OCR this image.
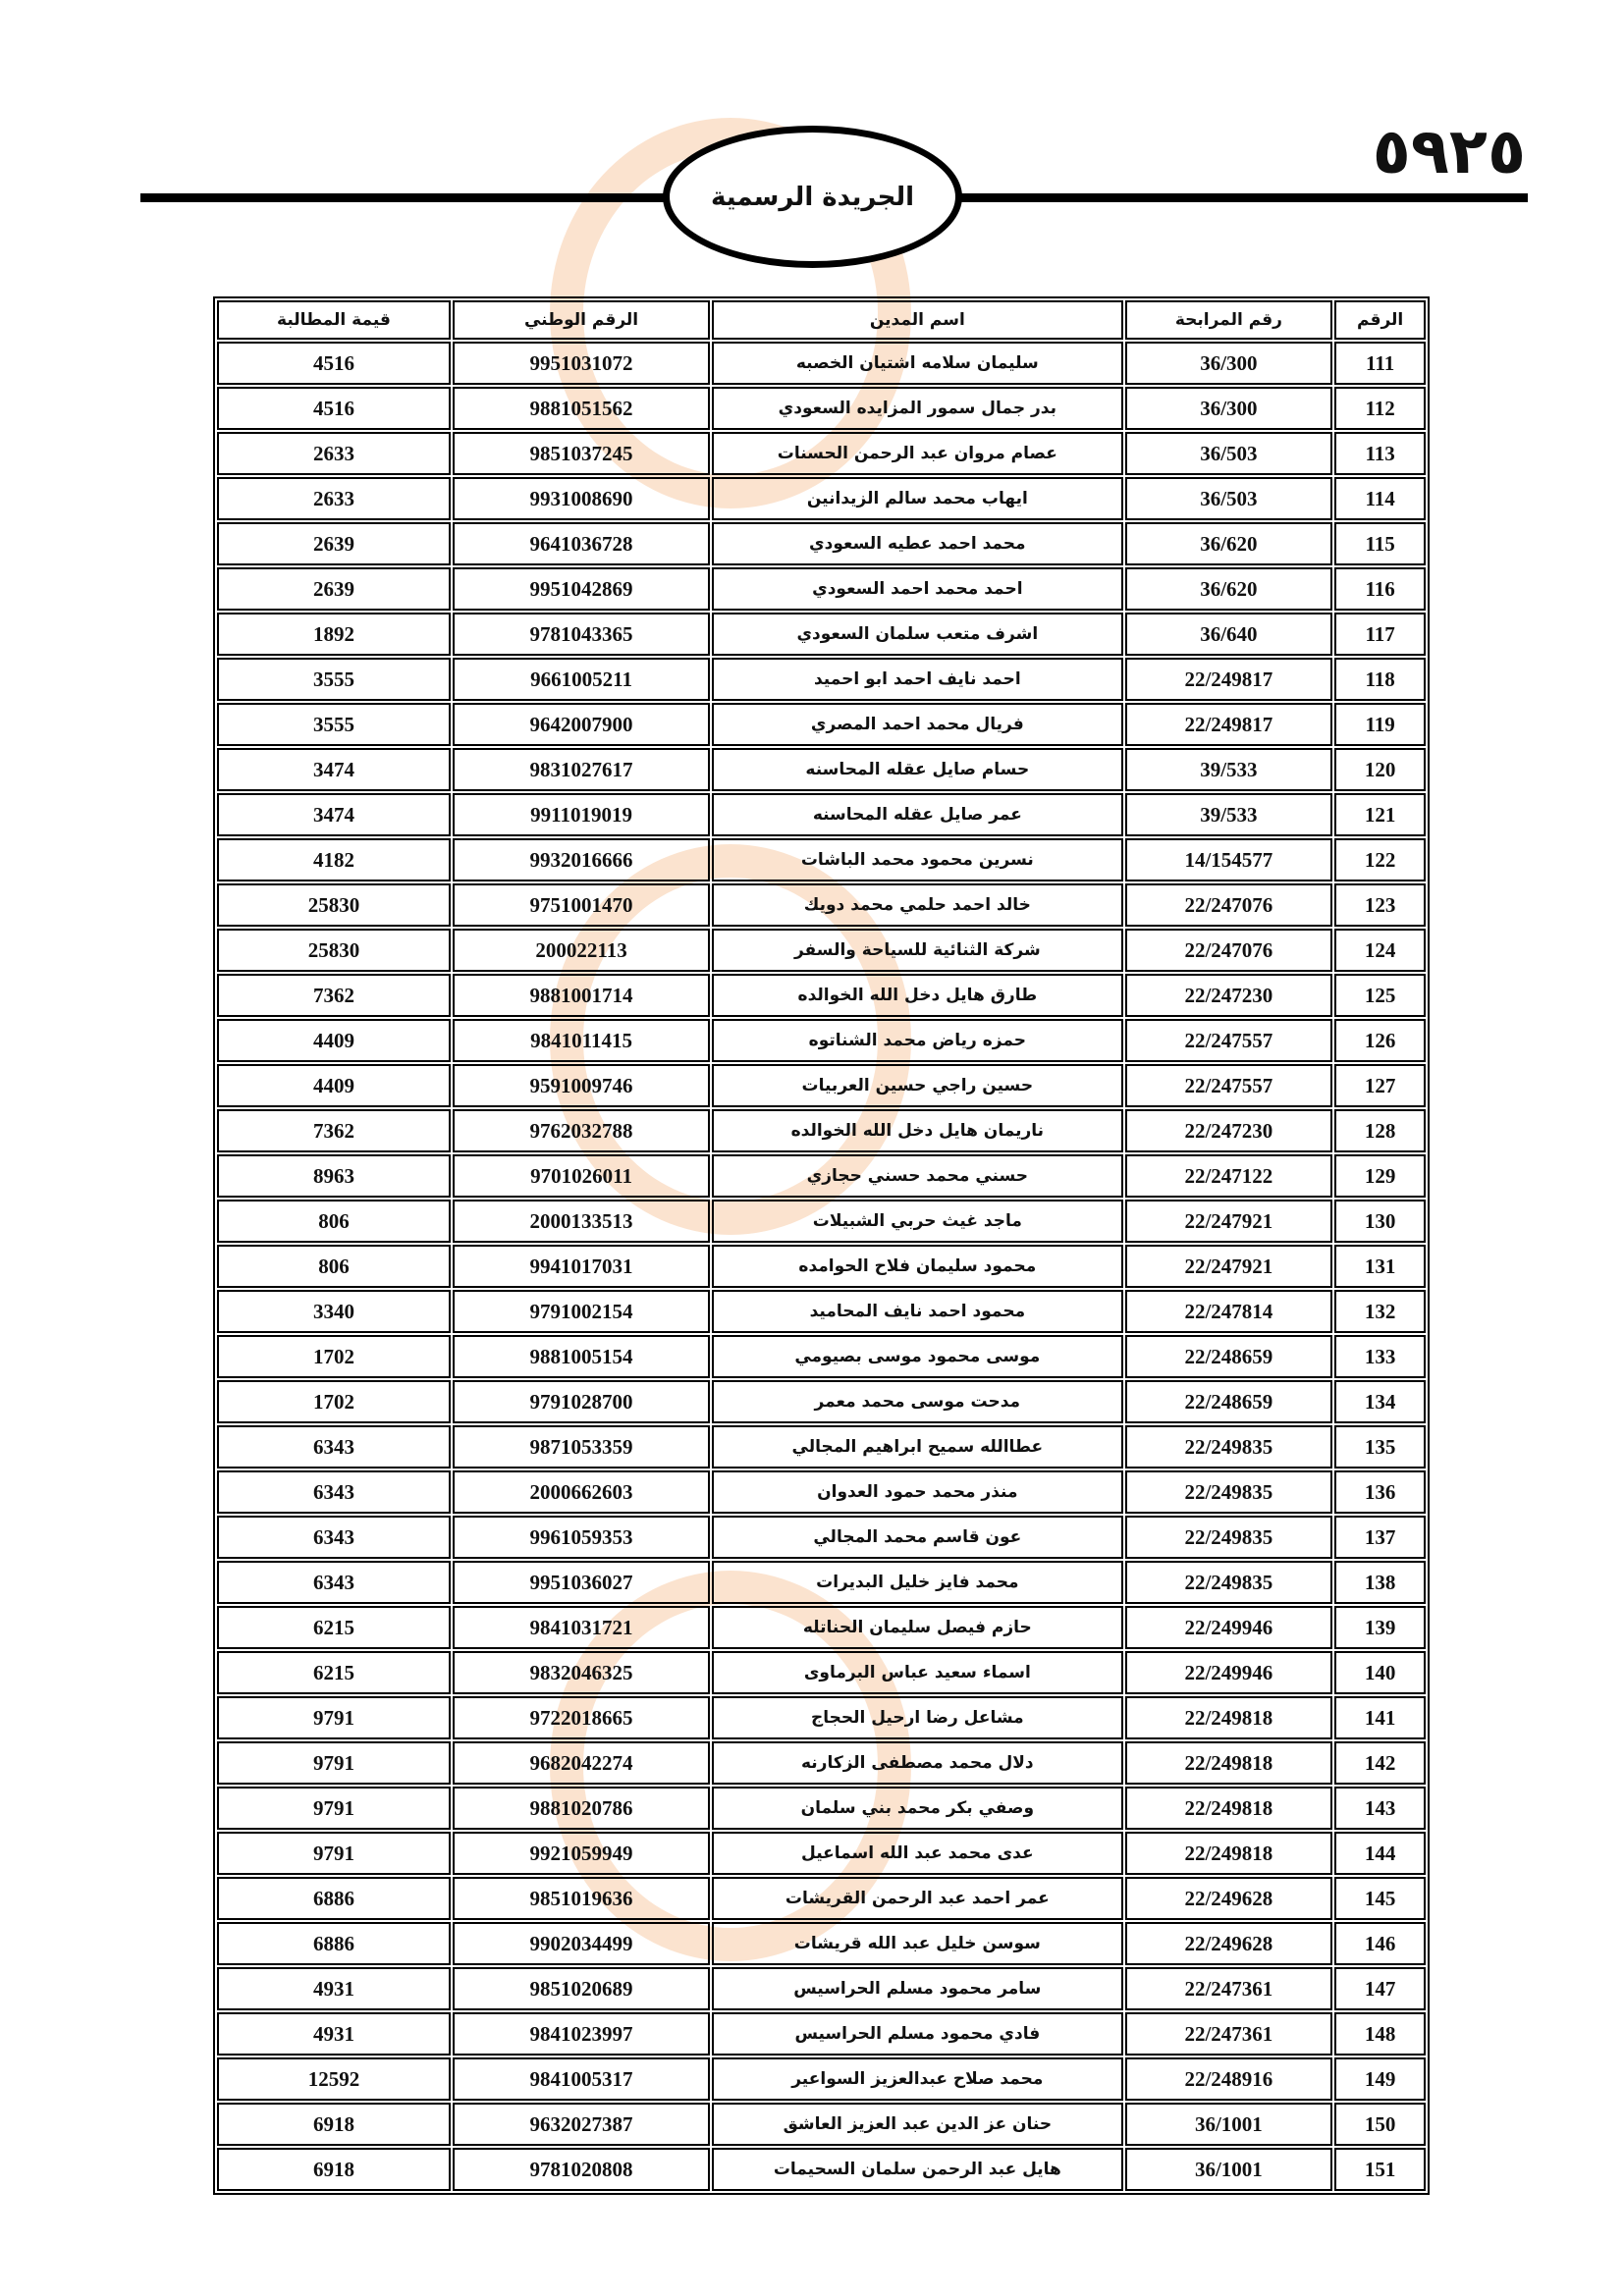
٥٩٢٥
الجريدة الرسمية
الرقم	رقم المرابحة	اسم المدين	الرقم الوطني	قيمة المطالبة
111	36/300	سليمان سلامه اشتيان الخصبه	9951031072	4516
112	36/300	بدر جمال سمور المزايده السعودي	9881051562	4516
113	36/503	عصام مروان عبد الرحمن الحسنات	9851037245	2633
114	36/503	ايهاب محمد سالم الزيدانين	9931008690	2633
115	36/620	محمد احمد عطيه السعودي	9641036728	2639
116	36/620	احمد محمد احمد السعودي	9951042869	2639
117	36/640	اشرف متعب سلمان السعودي	9781043365	1892
118	22/249817	احمد نايف احمد ابو احميد	9661005211	3555
119	22/249817	فريال محمد احمد المصري	9642007900	3555
120	39/533	حسام صايل عقله المحاسنه	9831027617	3474
121	39/533	عمر صايل عقله المحاسنه	9911019019	3474
122	14/154577	نسرين محمود محمد الباشات	9932016666	4182
123	22/247076	خالد احمد حلمي محمد دويك	9751001470	25830
124	22/247076	شركة الثنائية للسياحة والسفر	200022113	25830
125	22/247230	طارق هايل دخل الله الخوالده	9881001714	7362
126	22/247557	حمزه رياض محمد الشناتوه	9841011415	4409
127	22/247557	حسين راجي حسين العربيات	9591009746	4409
128	22/247230	ناريمان هايل دخل الله الخوالده	9762032788	7362
129	22/247122	حسني محمد حسني حجازي	9701026011	8963
130	22/247921	ماجد غيث حربي الشبيلات	2000133513	806
131	22/247921	محمود سليمان فلاح الحوامده	9941017031	806
132	22/247814	محمود احمد نايف المحاميد	9791002154	3340
133	22/248659	موسى محمود موسى بصيومي	9881005154	1702
134	22/248659	مدحت موسى محمد معمر	9791028700	1702
135	22/249835	عطاالله سميح ابراهيم المجالي	9871053359	6343
136	22/249835	منذر محمد حمود العدوان	2000662603	6343
137	22/249835	عون قاسم محمد المجالي	9961059353	6343
138	22/249835	محمد فايز خليل البديرات	9951036027	6343
139	22/249946	حازم فيصل سليمان الحناتله	9841031721	6215
140	22/249946	اسماء سعيد عباس البرماوى	9832046325	6215
141	22/249818	مشاعل رضا ارحيل الحجاج	9722018665	9791
142	22/249818	دلال محمد مصطفى الزكارنه	9682042274	9791
143	22/249818	وصفي بكر محمد بني سلمان	9881020786	9791
144	22/249818	عدى محمد عبد الله اسماعيل	9921059949	9791
145	22/249628	عمر احمد عبد الرحمن القريشات	9851019636	6886
146	22/249628	سوسن خليل عبد الله قريشات	9902034499	6886
147	22/247361	سامر محمود مسلم الحراسيس	9851020689	4931
148	22/247361	فادي محمود مسلم الحراسيس	9841023997	4931
149	22/248916	محمد صلاح عبدالعزيز السواعير	9841005317	12592
150	36/1001	حنان عز الدين عبد العزيز العاشق	9632027387	6918
151	36/1001	هايل عبد الرحمن سلمان السحيمات	9781020808	6918
